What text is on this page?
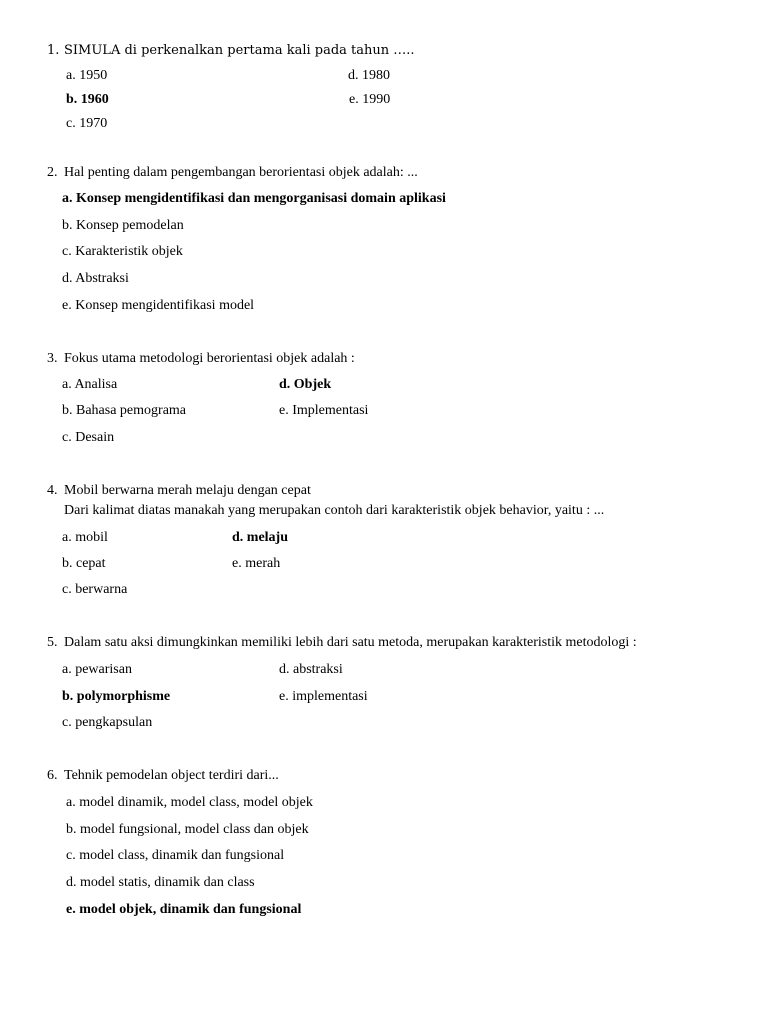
1. SIMULA di perkenalkan pertama kali pada tahun …..
a. 1950
b. 1960
c. 1970
d. 1980
e. 1990
2. Hal penting dalam pengembangan berorientasi objek adalah: ...
a. Konsep mengidentifikasi dan mengorganisasi domain aplikasi
b. Konsep pemodelan
c. Karakteristik objek
d. Abstraksi
e. Konsep mengidentifikasi model
3. Fokus utama metodologi berorientasi objek adalah :
a. Analisa
b. Bahasa pemograma
c. Desain
d. Objek
e. Implementasi
4. Mobil berwarna merah melaju dengan cepat
Dari kalimat diatas manakah yang merupakan contoh dari karakteristik objek behavior, yaitu : ...
a. mobil
b. cepat
c. berwarna
d. melaju
e. merah
5. Dalam satu aksi dimungkinkan memiliki lebih dari satu metoda, merupakan karakteristik metodologi :
a. pewarisan
b. polymorphisme
c. pengkapsulan
d. abstraksi
e. implementasi
6. Tehnik pemodelan object terdiri dari...
a. model dinamik, model class, model objek
b. model fungsional, model class dan objek
c. model class, dinamik dan fungsional
d. model statis, dinamik dan class
e. model objek, dinamik dan fungsional
